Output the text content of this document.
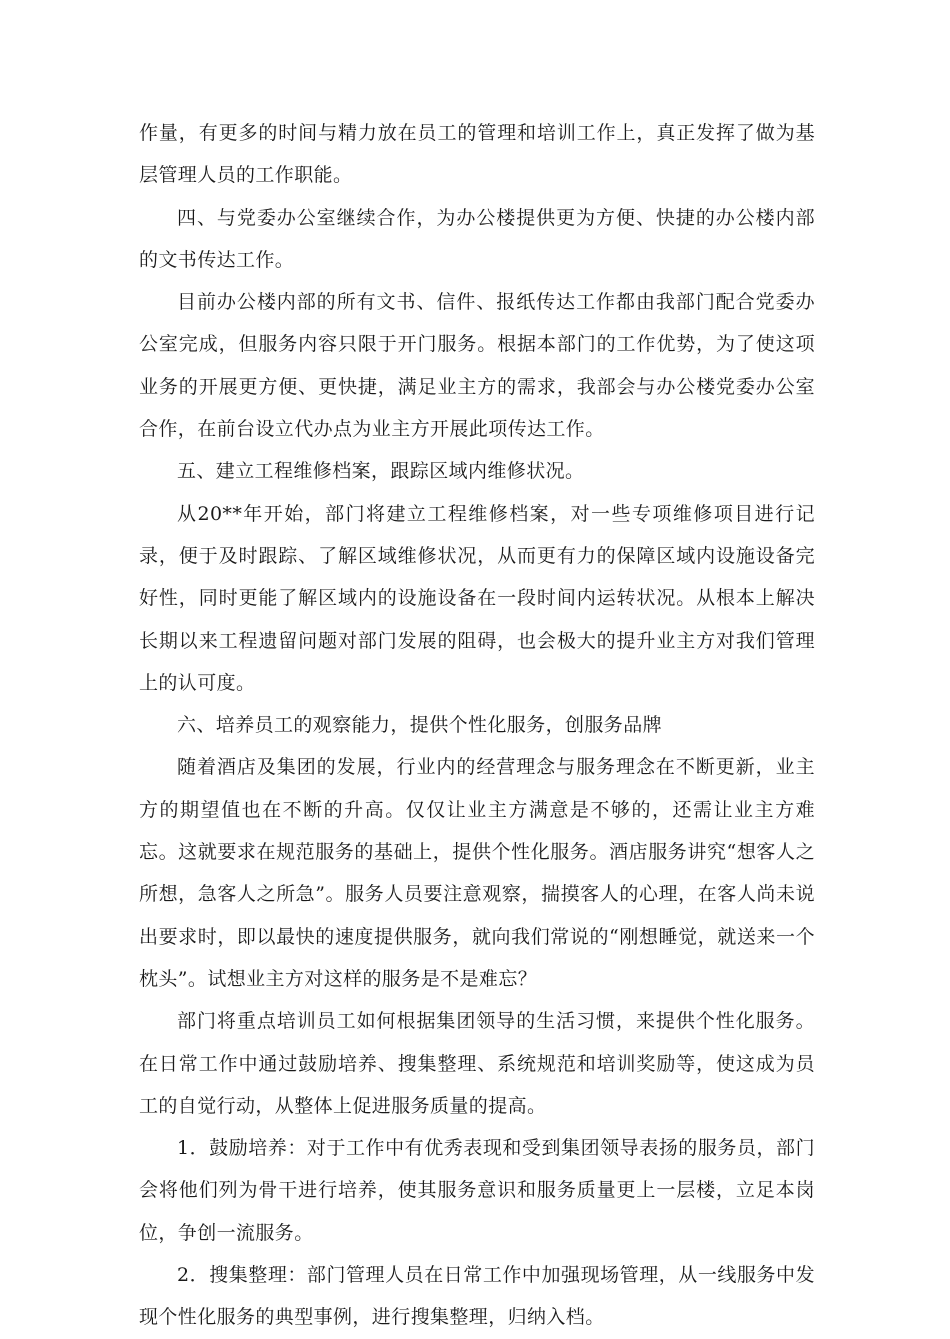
作量，有更多的时间与精力放在员工的管理和培训工作上，真正发挥了做为基层管理人员的工作职能。

四、与党委办公室继续合作，为办公楼提供更为方便、快捷的办公楼内部的文书传达工作。

目前办公楼内部的所有文书、信件、报纸传达工作都由我部门配合党委办公室完成，但服务内容只限于开门服务。根据本部门的工作优势，为了使这项业务的开展更方便、更快捷，满足业主方的需求，我部会与办公楼党委办公室合作，在前台设立代办点为业主方开展此项传达工作。

五、建立工程维修档案，跟踪区域内维修状况。

从20**年开始，部门将建立工程维修档案，对一些专项维修项目进行记录，便于及时跟踪、了解区域维修状况，从而更有力的保障区域内设施设备完好性，同时更能了解区域内的设施设备在一段时间内运转状况。从根本上解决长期以来工程遗留问题对部门发展的阻碍，也会极大的提升业主方对我们管理上的认可度。

六、培养员工的观察能力，提供个性化服务，创服务品牌

随着酒店及集团的发展，行业内的经营理念与服务理念在不断更新，业主方的期望值也在不断的升高。仅仅让业主方满意是不够的，还需让业主方难忘。这就要求在规范服务的基础上，提供个性化服务。酒店服务讲究“想客人之所想，急客人之所急”。服务人员要注意观察，揣摸客人的心理，在客人尚未说出要求时，即以最快的速度提供服务，就向我们常说的“刚想睡觉，就送来一个枕头”。试想业主方对这样的服务是不是难忘？

部门将重点培训员工如何根据集团领导的生活习惯，来提供个性化服务。在日常工作中通过鼓励培养、搜集整理、系统规范和培训奖励等，使这成为员工的自觉行动，从整体上促进服务质量的提高。

1．鼓励培养：对于工作中有优秀表现和受到集团领导表扬的服务员，部门会将他们列为骨干进行培养，使其服务意识和服务质量更上一层楼，立足本岗位，争创一流服务。

2．搜集整理：部门管理人员在日常工作中加强现场管理，从一线服务中发现个性化服务的典型事例，进行搜集整理，归纳入档。
